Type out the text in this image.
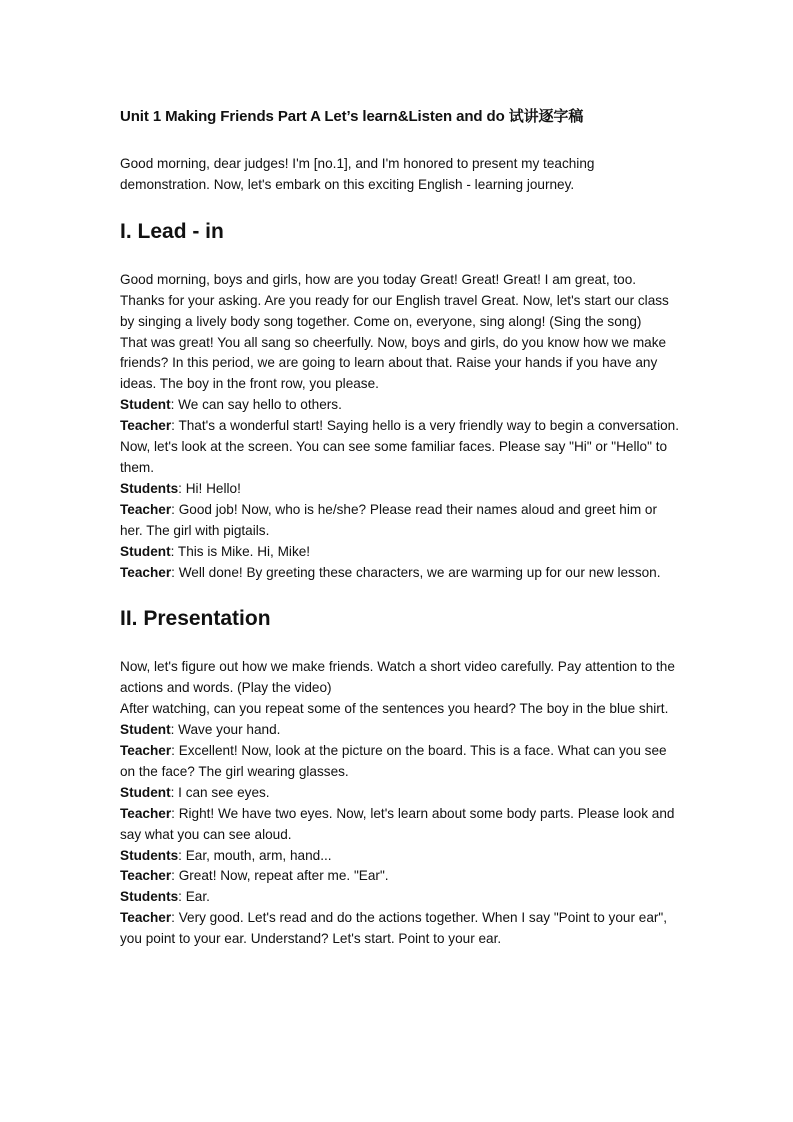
Unit 1 Making Friends Part A Let’s learn&Listen and do 试讲逐字稿

Good morning, dear judges! I'm [no.1], and I'm honored to present my teaching demonstration. Now, let's embark on this exciting English - learning journey.

I. Lead - in

Good morning, boys and girls, how are you today Great! Great! Great! I am great, too. Thanks for your asking. Are you ready for our English travel Great. Now, let's start our class by singing a lively body song together. Come on, everyone, sing along! (Sing the song)

That was great! You all sang so cheerfully. Now, boys and girls, do you know how we make friends? In this period, we are going to learn about that. Raise your hands if you have any ideas. The boy in the front row, you please.

Student: We can say hello to others.

Teacher: That's a wonderful start! Saying hello is a very friendly way to begin a conversation. Now, let's look at the screen. You can see some familiar faces. Please say "Hi" or "Hello" to them.

Students: Hi! Hello!

Teacher: Good job! Now, who is he/she? Please read their names aloud and greet him or her. The girl with pigtails.

Student: This is Mike. Hi, Mike!

Teacher: Well done! By greeting these characters, we are warming up for our new lesson.

II. Presentation

Now, let's figure out how we make friends. Watch a short video carefully. Pay attention to the actions and words. (Play the video)

After watching, can you repeat some of the sentences you heard? The boy in the blue shirt.

Student: Wave your hand.

Teacher: Excellent! Now, look at the picture on the board. This is a face. What can you see on the face? The girl wearing glasses.

Student: I can see eyes.

Teacher: Right! We have two eyes. Now, let's learn about some body parts. Please look and say what you can see aloud.

Students: Ear, mouth, arm, hand...

Teacher: Great! Now, repeat after me. "Ear".

Students: Ear.

Teacher: Very good. Let's read and do the actions together. When I say "Point to your ear", you point to your ear. Understand? Let's start. Point to your ear.
